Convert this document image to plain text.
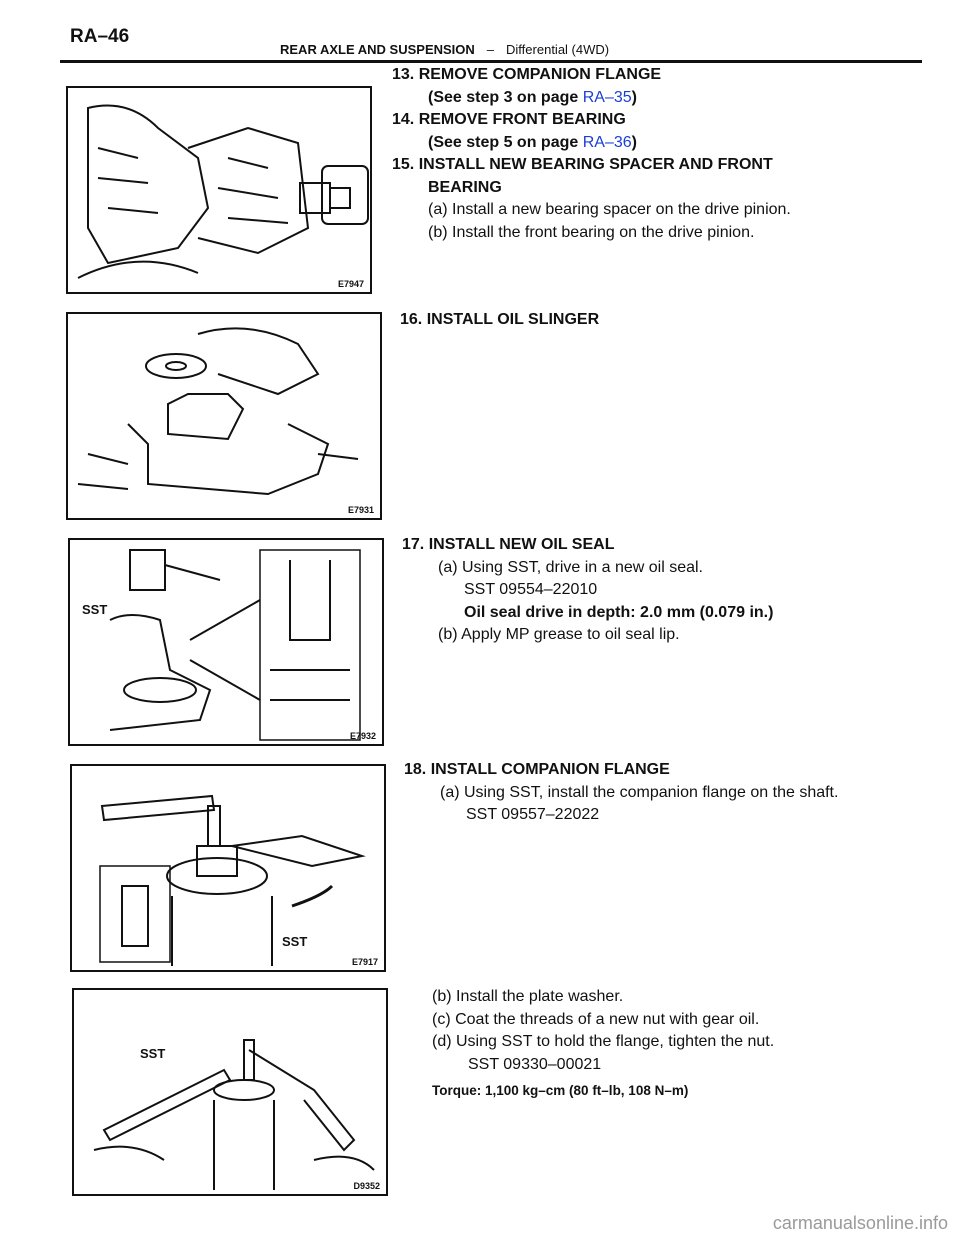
RA–46
REAR AXLE AND SUSPENSION – Differential (4WD)
E7947
13. REMOVE COMPANION FLANGE
(See step 3 on page RA–35)
14. REMOVE FRONT BEARING
(See step 5 on page RA–36)
15. INSTALL NEW BEARING SPACER AND FRONT
BEARING
(a) Install a new bearing spacer on the drive pinion.
(b) Install the front bearing on the drive pinion.
E7931
16. INSTALL OIL SLINGER
SST
E7932
17. INSTALL NEW OIL SEAL
(a) Using SST, drive in a new oil seal.
SST 09554–22010
Oil seal drive in depth: 2.0 mm (0.079 in.)
(b) Apply MP grease to oil seal lip.
SST
E7917
18. INSTALL COMPANION FLANGE
(a) Using SST, install the companion flange on the shaft.
SST 09557–22022
SST
D9352
(b) Install the plate washer.
(c) Coat the threads of a new nut with gear oil.
(d) Using SST to hold the flange, tighten the nut.
SST 09330–00021
Torque: 1,100 kg–cm (80 ft–lb, 108 N–m)
carmanualsonline.info
